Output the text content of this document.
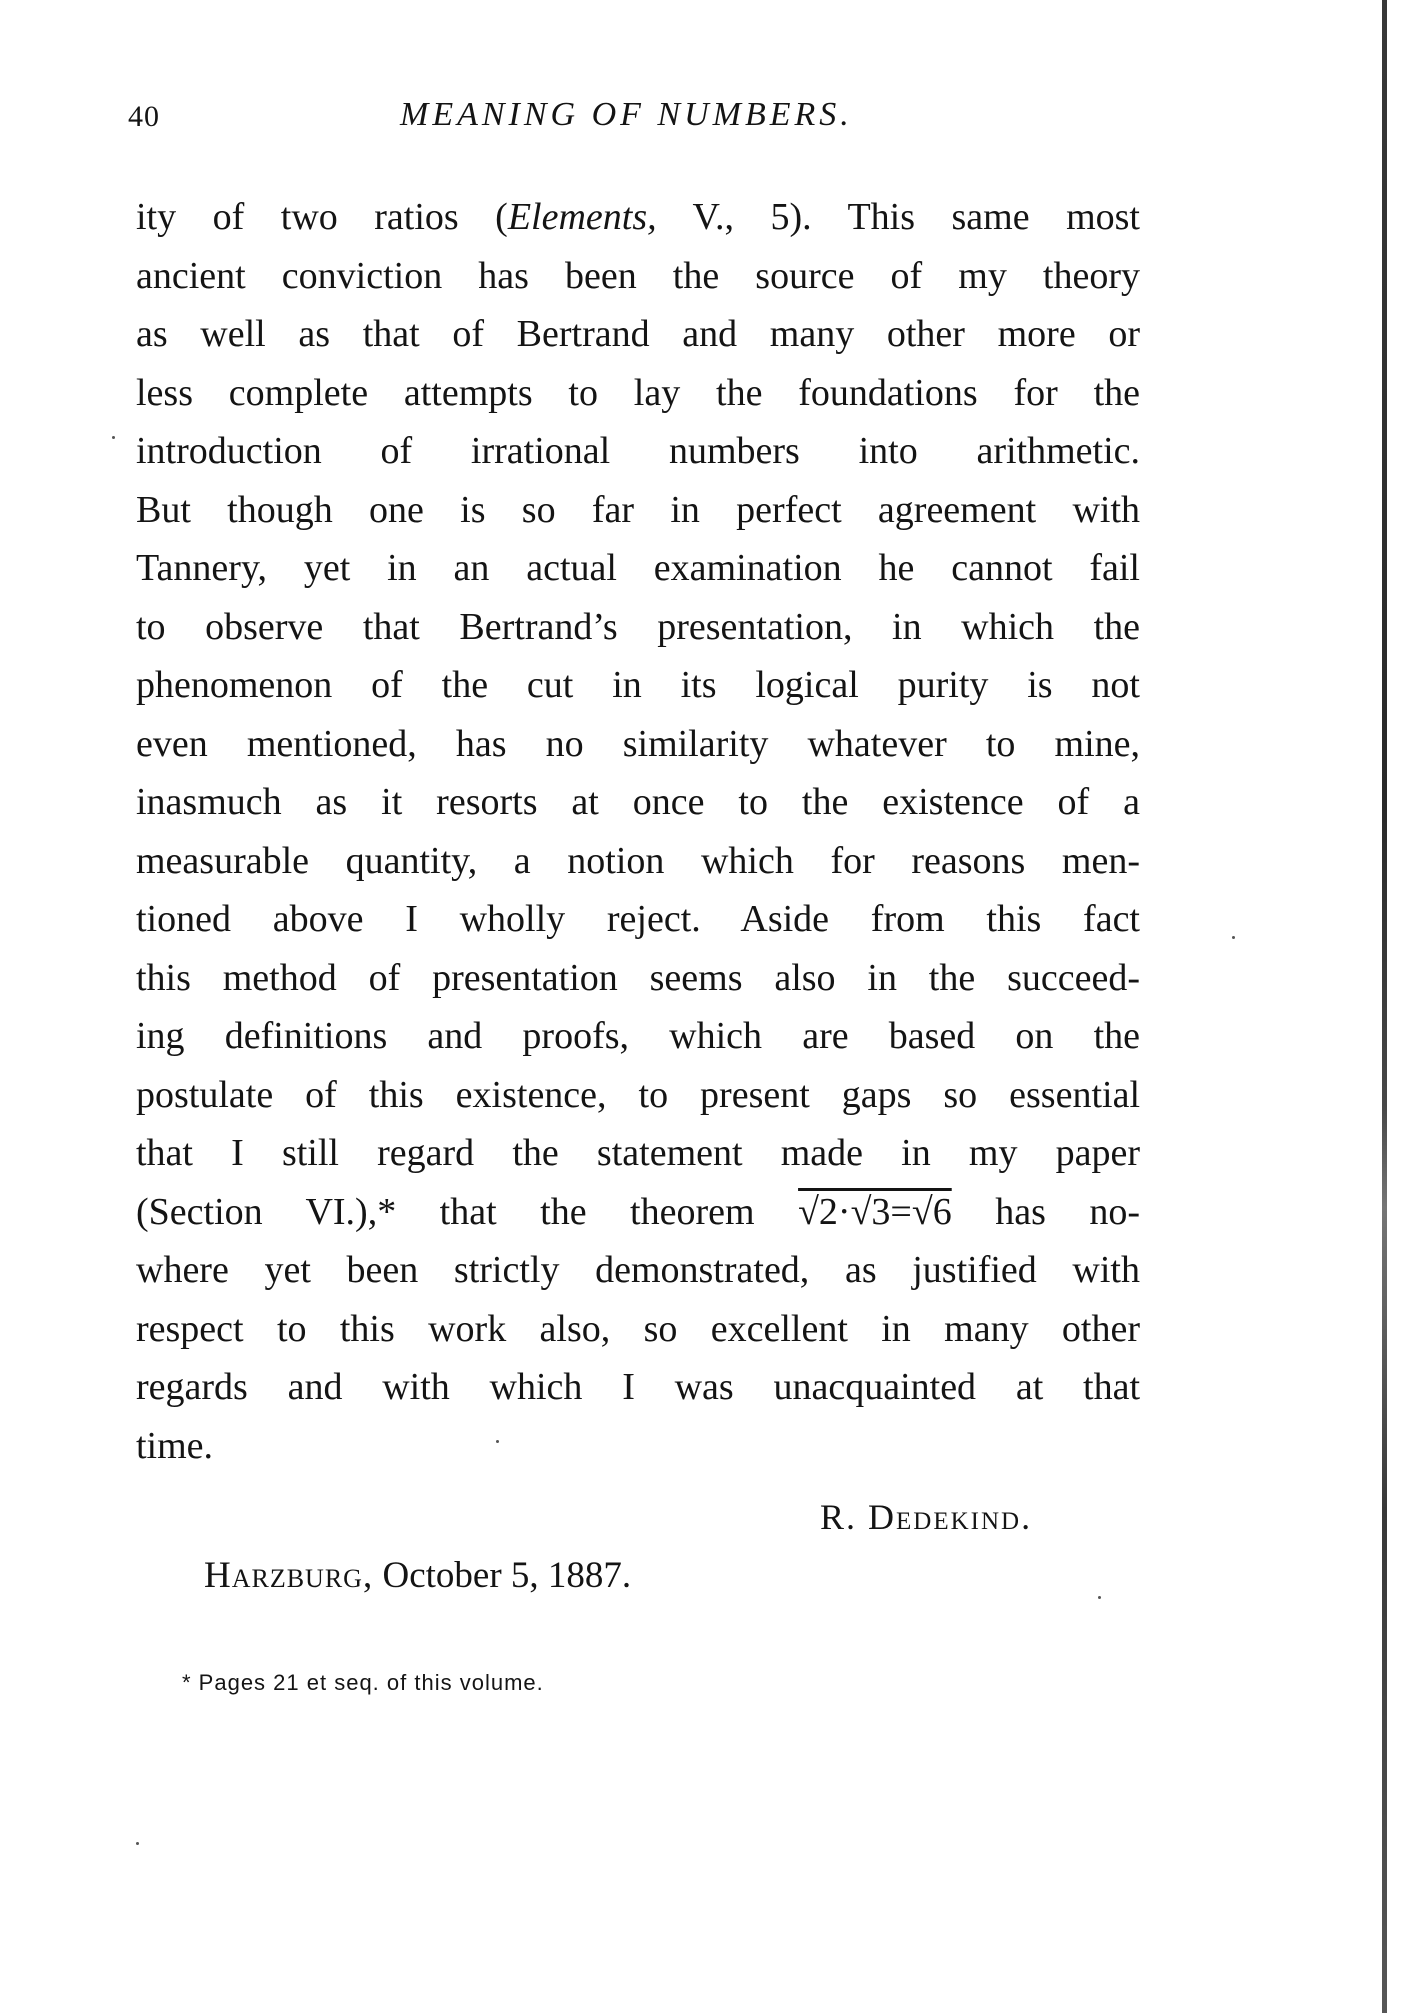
40	MEANING OF NUMBERS.
ity of two ratios (Elements, V., 5). This same most
ancient conviction has been the source of my theory
as well as that of Bertrand and many other more or
less complete attempts to lay the foundations for the
introduction of irrational numbers into arithmetic.
But though one is so far in perfect agreement with
Tannery, yet in an actual examination he cannot fail
to observe that Bertrand’s presentation, in which the
phenomenon of the cut in its logical purity is not
even mentioned, has no similarity whatever to mine,
inasmuch as it resorts at once to the existence of a
measurable quantity, a notion which for reasons men-
tioned above I wholly reject. Aside from this fact
this method of presentation seems also in the succeed-
ing definitions and proofs, which are based on the
postulate of this existence, to present gaps so essential
that I still regard the statement made in my paper
(Section VI.),* that the theorem √2·√3=√6 has no-
where yet been strictly demonstrated, as justified with
respect to this work also, so excellent in many other
regards and with which I was unacquainted at that
time.
R. Dedekind.
Harzburg, October 5, 1887.
* Pages 21 et seq. of this volume.
